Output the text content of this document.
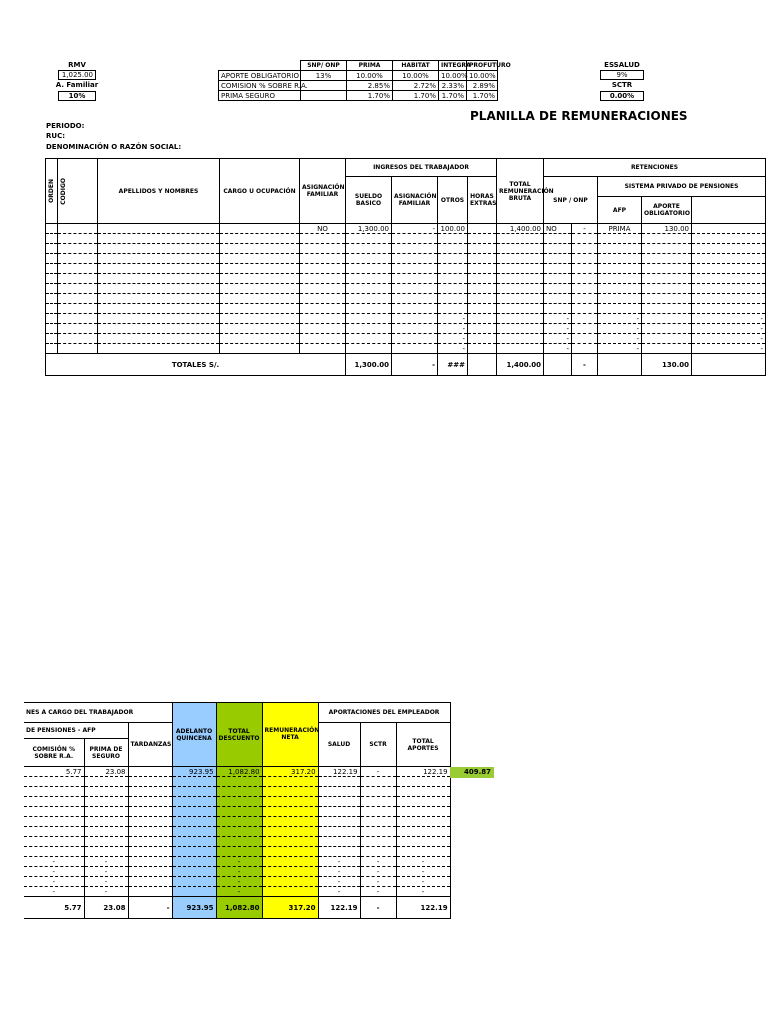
RMV
1,025.00
A. Familiar
10%
	SNP/ ONP	PRIMA	HABITAT	INTEGRA	PROFUTURO
APORTE OBLIGATORIO	13%	10.00%	10.00%	10.00%	10.00%
COMISION % SOBRE R.A.		2.85%	2.72%	2.33%	2.89%
PRIMA SEGURO		1.70%	1.70%	1.70%	1.70%
ESSALUD
9%
SCTR
0.00%
PLANILLA DE REMUNERACIONES
PERIODO:
RUC:
DENOMINACIÓN O RAZÓN SOCIAL:
ORDEN	CÓDIGO	APELLIDOS Y NOMBRES	CARGO U OCUPACIÓN	ASIGNACIÓN FAMILIAR	INGRESOS DEL TRABAJADOR				TOTAL REMUNERACIÓN BRUTA	RETENCIONES				
					SUELDO BASICO	ASIGNACIÓN FAMILIAR	OTROS	HORAS EXTRAS		SNP / ONP		SISTEMA PRIVADO DE PENSIONES		
												AFP	APORTE OBLIGATORIO	
				NO	1,300.00	-	100.00		1,400.00	NO	-	PRIMA	130.00	

							-			-		-		-
							-			-		-		-
							-			-		-		-
							-			-		-		-
TOTALES S/.					1,300.00	-	###		1,400.00		-		130.00	
NES A CARGO DEL TRABAJADOR			ADELANTO QUINCENA	TOTAL DESCUENTO	REMUNERACIÓN NETA	APORTACIONES DEL EMPLEADOR		
DE PENSIONES - AFP		TARDANZAS				SALUD	SCTR	TOTAL APORTES
COMISIÓN % SOBRE R.A.	PRIMA DE SEGURO							
5.77	23.08		923.95	1,082.80	317.20	122.19	-	122.19

-	-			-		-	-	-
-	-			-		-	-	-
-	-			-		-	-	-
-	-			-		-	-	-
5.77	23.08	-	923.95	1,082.80	317.20	122.19	-	122.19
409.87
